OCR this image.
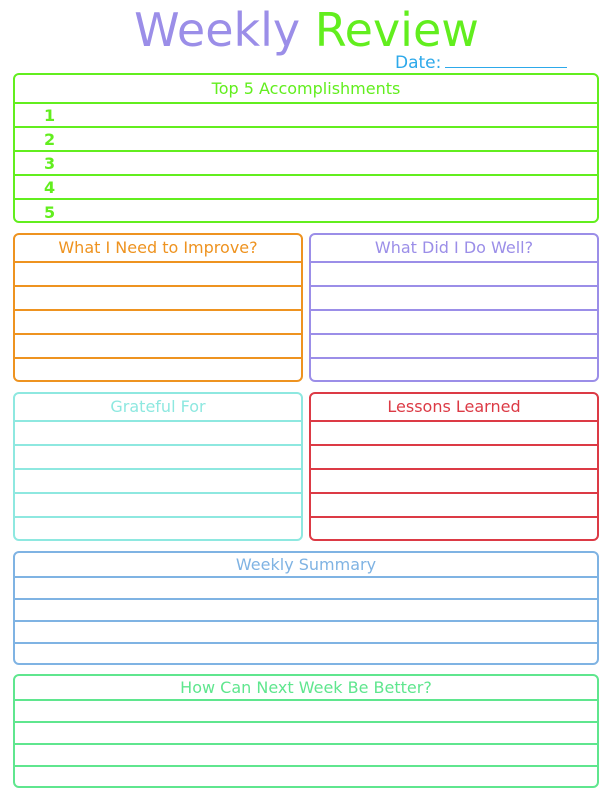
Weekly Review
Date:
Top 5 Accomplishments
1
2
3
4
5
What I Need to Improve?	What Did I Do Well?
Grateful For	Lessons Learned
Weekly Summary
How Can Next Week Be Better?
